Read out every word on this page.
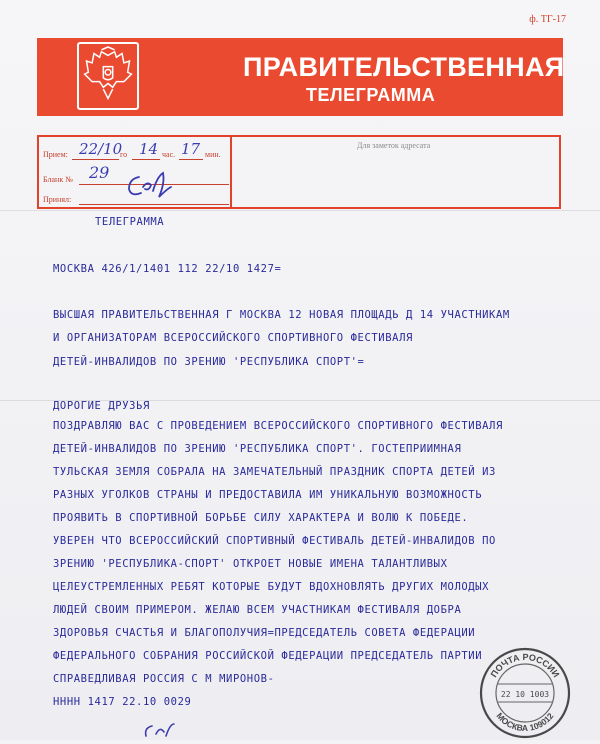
ф. ТГ-17
ПРАВИТЕЛЬСТВЕННАЯ
ТЕЛЕГРАММА
Прием: 22/10
го 14 час. 17 мин.
Бланк № 29
Принял:
Для заметок адресата
ТЕЛЕГРАММА
МОСКВА 426/1/1401 112 22/10 1427=
ВЫСШАЯ ПРАВИТЕЛЬСТВЕННАЯ Г МОСКВА 12 НОВАЯ ПЛОЩАДЬ Д 14 УЧАСТНИКАМ
И ОРГАНИЗАТОРАМ ВСЕРОССИЙСКОГО СПОРТИВНОГО ФЕСТИВАЛЯ
ДЕТЕЙ-ИНВАЛИДОВ ПО ЗРЕНИЮ 'РЕСПУБЛИКА СПОРТ'=
ДОРОГИЕ ДРУЗЬЯ
ПОЗДРАВЛЯЮ ВАС С ПРОВЕДЕНИЕМ ВСЕРОССИЙСКОГО СПОРТИВНОГО ФЕСТИВАЛЯ
ДЕТЕЙ-ИНВАЛИДОВ ПО ЗРЕНИЮ 'РЕСПУБЛИКА СПОРТ'. ГОСТЕПРИИМНАЯ
ТУЛЬСКАЯ ЗЕМЛЯ СОБРАЛА НА ЗАМЕЧАТЕЛЬНЫЙ ПРАЗДНИК СПОРТА ДЕТЕЙ ИЗ
РАЗНЫХ УГОЛКОВ СТРАНЫ И ПРЕДОСТАВИЛА ИМ УНИКАЛЬНУЮ ВОЗМОЖНОСТЬ
ПРОЯВИТЬ В СПОРТИВНОЙ БОРЬБЕ СИЛУ ХАРАКТЕРА И ВОЛЮ К ПОБЕДЕ.
УВЕРЕН ЧТО ВСЕРОССИЙСКИЙ СПОРТИВНЫЙ ФЕСТИВАЛЬ ДЕТЕЙ-ИНВАЛИДОВ ПО
ЗРЕНИЮ 'РЕСПУБЛИКА-СПОРТ' ОТКРОЕТ НОВЫЕ ИМЕНА ТАЛАНТЛИВЫХ
ЦЕЛЕУСТРЕМЛЕННЫХ РЕБЯТ КОТОРЫЕ БУДУТ ВДОХНОВЛЯТЬ ДРУГИХ МОЛОДЫХ
ЛЮДЕЙ СВОИМ ПРИМЕРОМ. ЖЕЛАЮ ВСЕМ УЧАСТНИКАМ ФЕСТИВАЛЯ ДОБРА
ЗДОРОВЬЯ СЧАСТЬЯ И БЛАГОПОЛУЧИЯ=ПРЕДСЕДАТЕЛЬ СОВЕТА ФЕДЕРАЦИИ
ФЕДЕРАЛЬНОГО СОБРАНИЯ РОССИЙСКОЙ ФЕДЕРАЦИИ ПРЕДСЕДАТЕЛЬ ПАРТИИ
СПРАВЕДЛИВАЯ РОССИЯ С М МИРОНОВ-
НННН 1417 22.10 0029
ПОЧТА РОССИИ
22 10 1003
МОСКВА 109012
